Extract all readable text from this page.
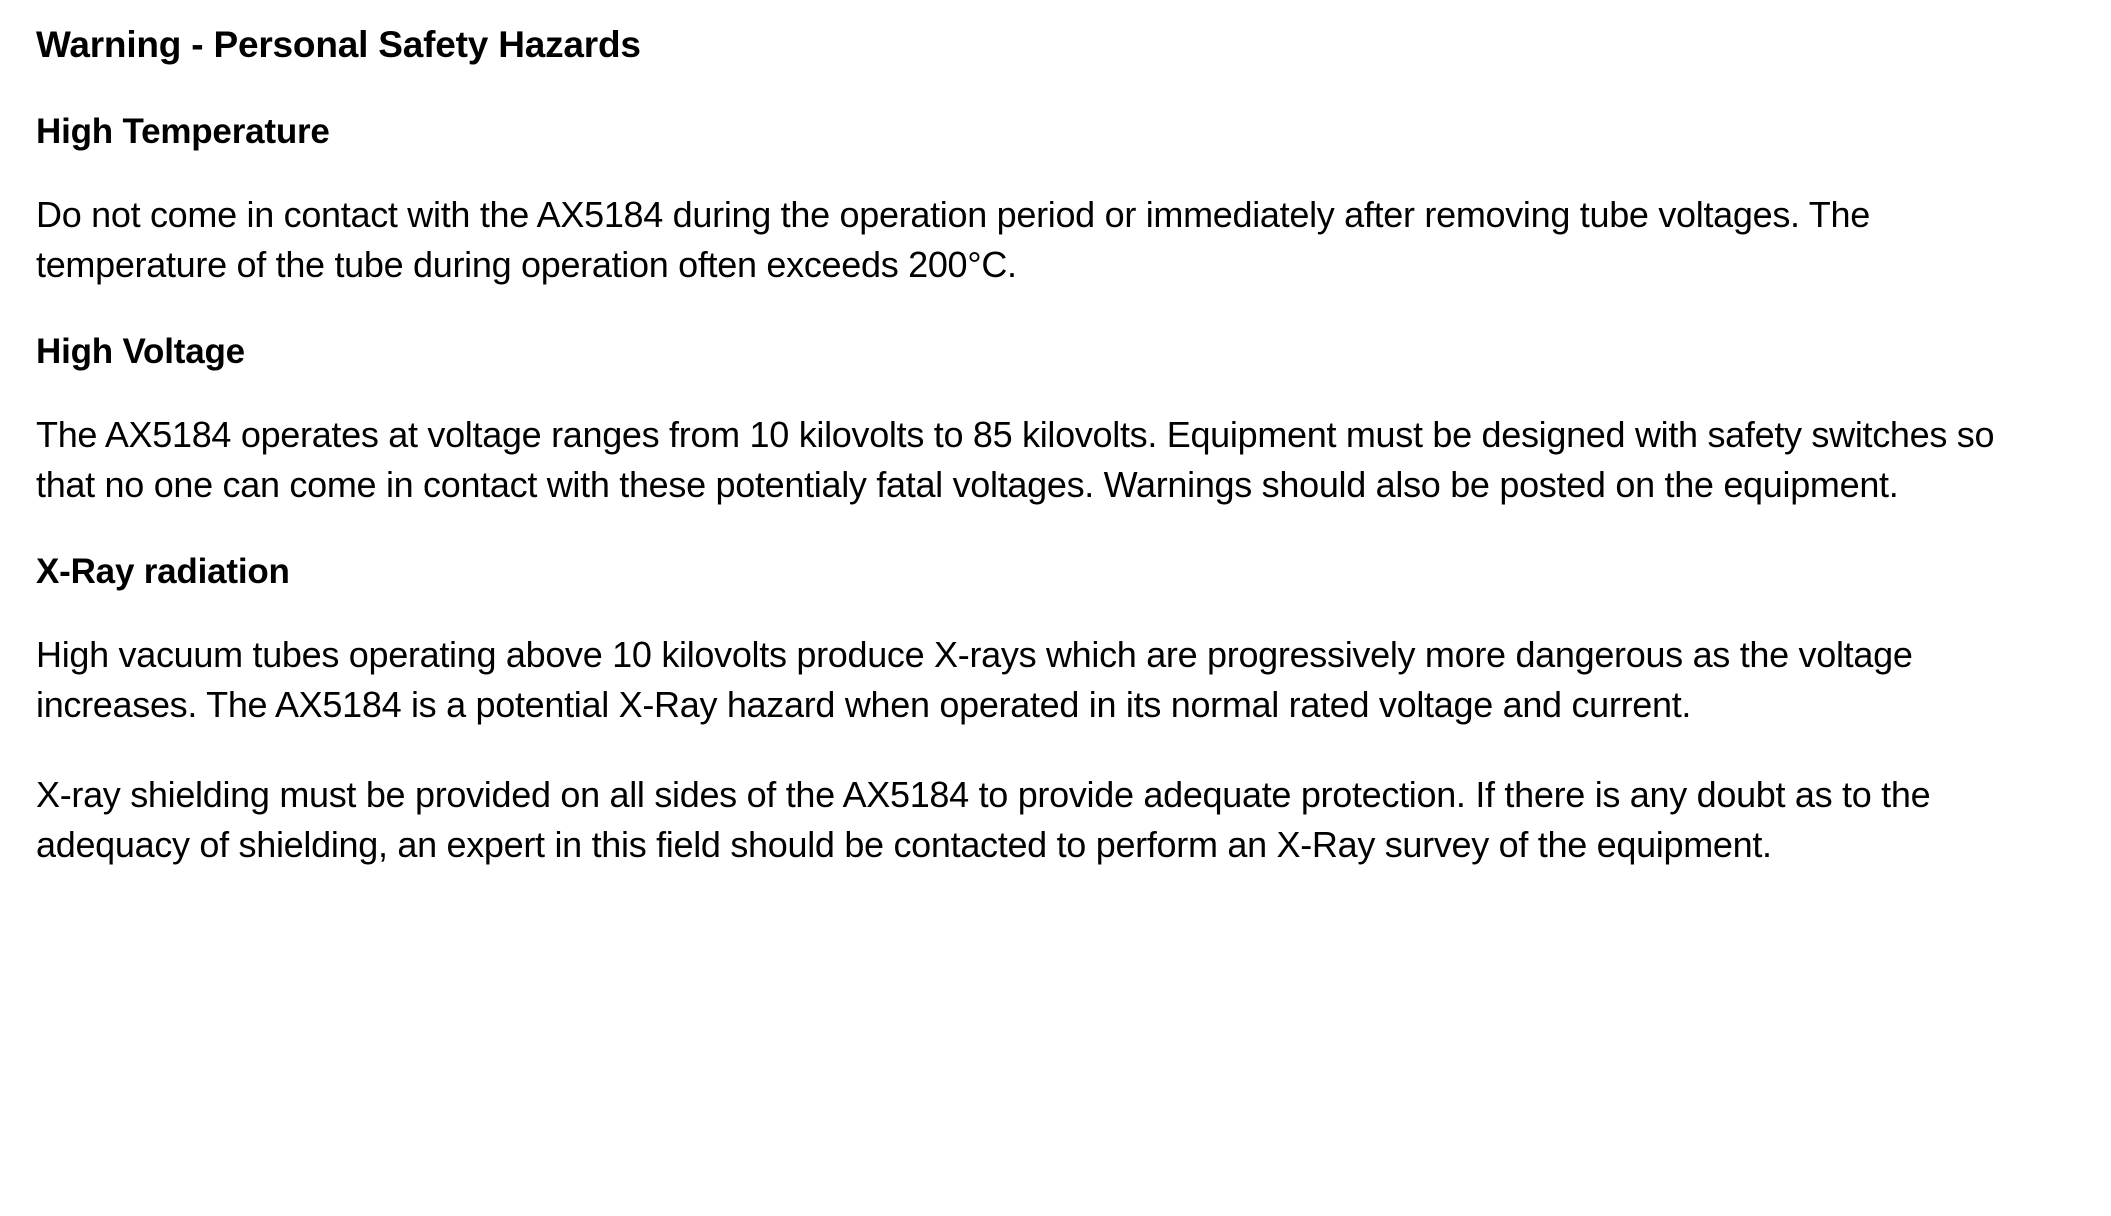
Warning - Personal Safety Hazards
High Temperature

Do not come in contact with the AX5184 during the operation period or immediately after removing tube voltages. The temperature of the tube during operation often exceeds 200°C.

High Voltage

The AX5184 operates at voltage ranges from 10 kilovolts to 85 kilovolts. Equipment must be designed with safety switches so that no one can come in contact with these potentialy fatal voltages. Warnings should also be posted on the equipment.

X-Ray radiation

High vacuum tubes operating above 10 kilovolts produce X-rays which are progressively more dangerous as the voltage increases. The AX5184 is a potential X-Ray hazard when operated in its normal rated voltage and current.

X-ray shielding must be provided on all sides of the AX5184 to provide adequate protection. If there is any doubt as to the adequacy of shielding, an expert in this field should be contacted to perform an X-Ray survey of the equipment.
